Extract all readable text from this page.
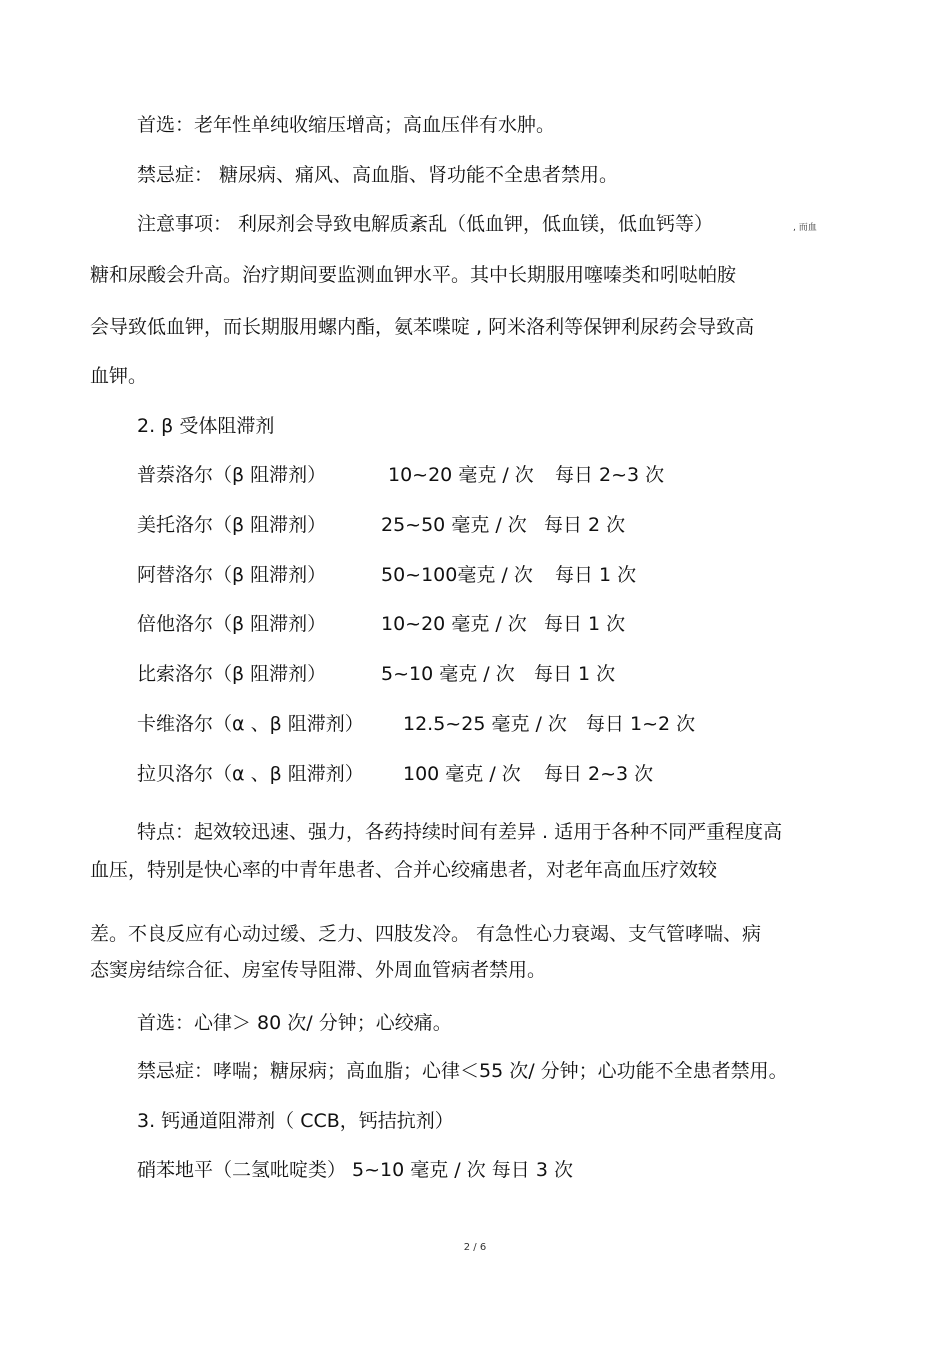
首选：老年性单纯收缩压增高；高血压伴有水肿。
禁忌症： 糖尿病、痛风、高血脂、肾功能不全患者禁用。
注意事项： 利尿剂会导致电解质紊乱（低血钾，低血镁，低血钙等）	, 而血
糖和尿酸会升高。治疗期间要监测血钾水平。其中长期服用噻嗪类和吲哒帕胺
会导致低血钾，而长期服用螺内酯，氨苯喋啶 , 阿米洛利等保钾利尿药会导致高
血钾。
2. β 受体阻滞剂
普萘洛尔（β 阻滞剂）	10~20 毫克 / 次 每日 2~3 次
美托洛尔（β 阻滞剂）	25~50 毫克 / 次 每日 2 次
阿替洛尔（β 阻滞剂）	50~100毫克 / 次 每日 1 次
倍他洛尔（β 阻滞剂）	10~20 毫克 / 次 每日 1 次
比索洛尔（β 阻滞剂）	5~10 毫克 / 次 每日 1 次
卡维洛尔（α 、β 阻滞剂） 12.5~25 毫克 / 次 每日 1~2 次
拉贝洛尔（α 、β 阻滞剂） 100 毫克 / 次 每日 2~3 次
特点：起效较迅速、强力，各药持续时间有差异 . 适用于各种不同严重程度高
血压，特别是快心率的中青年患者、合并心绞痛患者，对老年高血压疗效较
差。不良反应有心动过缓、乏力、四肢发冷。 有急性心力衰竭、支气管哮喘、病
态窦房结综合征、房室传导阻滞、外周血管病者禁用。
首选：心律＞ 80 次/ 分钟；心绞痛。
禁忌症：哮喘；糖尿病；高血脂；心律＜55 次/ 分钟；心功能不全患者禁用。
3. 钙通道阻滞剂（ CCB，钙拮抗剂）
硝苯地平（二氢吡啶类） 5~10 毫克 / 次 每日 3 次
2 / 6
